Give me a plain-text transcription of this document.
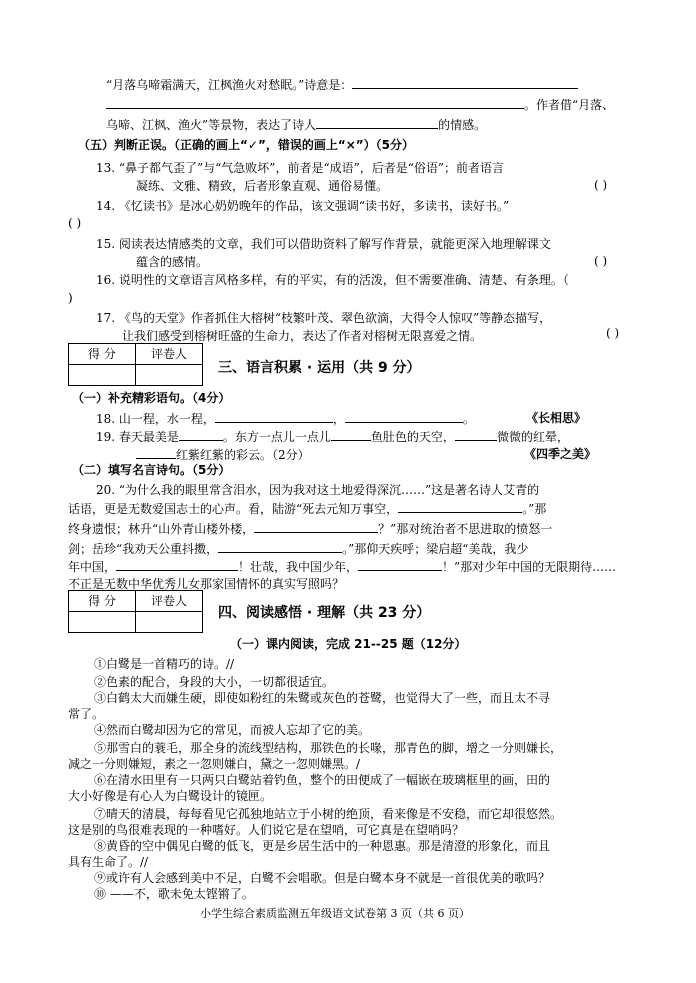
“月落乌啼霜满天，江枫渔火对愁眠。”诗意是：
。作者借“月落、
乌啼、江枫、渔火”等景物，表达了诗人	的情感。
（五）判断正误。（正确的画上“✓”，错误的画上“×”）（5分）
13. “鼻子都气歪了”与“气急败坏”，前者是“成语”，后者是“俗语”；前者语言
凝练、文雅、精致，后者形象直观、通俗易懂。	( )
14. 《忆读书》是冰心奶奶晚年的作品，该文强调“读书好，多读书，读好书。”
( )
15. 阅读表达情感类的文章，我们可以借助资料了解写作背景，就能更深入地理解课文
蕴含的感情。	( )
16. 说明性的文章语言风格多样，有的平实，有的活泼，但不需要准确、清楚、有条理。（
)
17. 《鸟的天堂》作者抓住大榕树“枝繁叶茂、翠色欲滴，大得令人惊叹”等静态描写，
让我们感受到榕树旺盛的生命力，表达了作者对榕树无限喜爱之情。	( )
得 分	评卷人

三、语言积累 · 运用（共 9 分）
（一）补充精彩语句。（4分）
18. 山一程，水一程，	，	。	《长相思》
19. 春天最美是	。东方一点儿一点儿	鱼肚色的天空，	微微的红晕，
红紫红紫的彩云。（2分）	《四季之美》
（二）填写名言诗句。（5分）
20. “为什么我的眼里常含泪水，因为我对这土地爱得深沉……”这是著名诗人艾青的
话语，更是无数爱国志士的心声。看，陆游“死去元知万事空，	。”那
终身遗恨；林升“山外青山楼外楼，	？”那对统治者不思进取的愤怒一
剑；岳珍“我劝天公重抖擞，	。”那仰天疾呼；梁启超“美哉，我少
年中国，	！壮哉，我中国少年，	！”那对少年中国的无限期待……
不正是无数中华优秀儿女那家国情怀的真实写照吗？
得 分	评卷人

四、阅读感悟 · 理解（共 23 分）
（一）课内阅读，完成 21--25 题（12分）
①白鹭是一首精巧的诗。//
②色素的配合，身段的大小，一切都很适宜。
③白鹤太大而嫌生硬，即使如粉红的朱鹭或灰色的苍鹭，也觉得大了一些，而且太不寻
常了。
④然而白鹭却因为它的常见，而被人忘却了它的美。
⑤那雪白的蓑毛，那全身的流线型结构，那铁色的长喙，那青色的脚，增之一分则嫌长，
减之一分则嫌短，素之一忽则嫌白，黛之一忽则嫌黑。/
⑥在清水田里有一只两只白鹭站着钓鱼，整个的田便成了一幅嵌在玻璃框里的画，田的
大小好像是有心人为白鹭设计的镜匣。
⑦晴天的清晨，每每看见它孤独地站立于小树的绝顶，看来像是不安稳，而它却很悠然。
这是别的鸟很难表现的一种嗜好。人们说它是在望哨，可它真是在望哨吗？
⑧黄昏的空中偶见白鹭的低飞，更是乡居生活中的一种恩惠。那是清澄的形象化，而且
具有生命了。//
⑨或许有人会感到美中不足，白鹭不会唱歌。但是白鹭本身不就是一首很优美的歌吗？
⑩ ——不，歌未免太铿锵了。
小学生综合素质监测五年级语文试卷第 3 页（共 6 页）
